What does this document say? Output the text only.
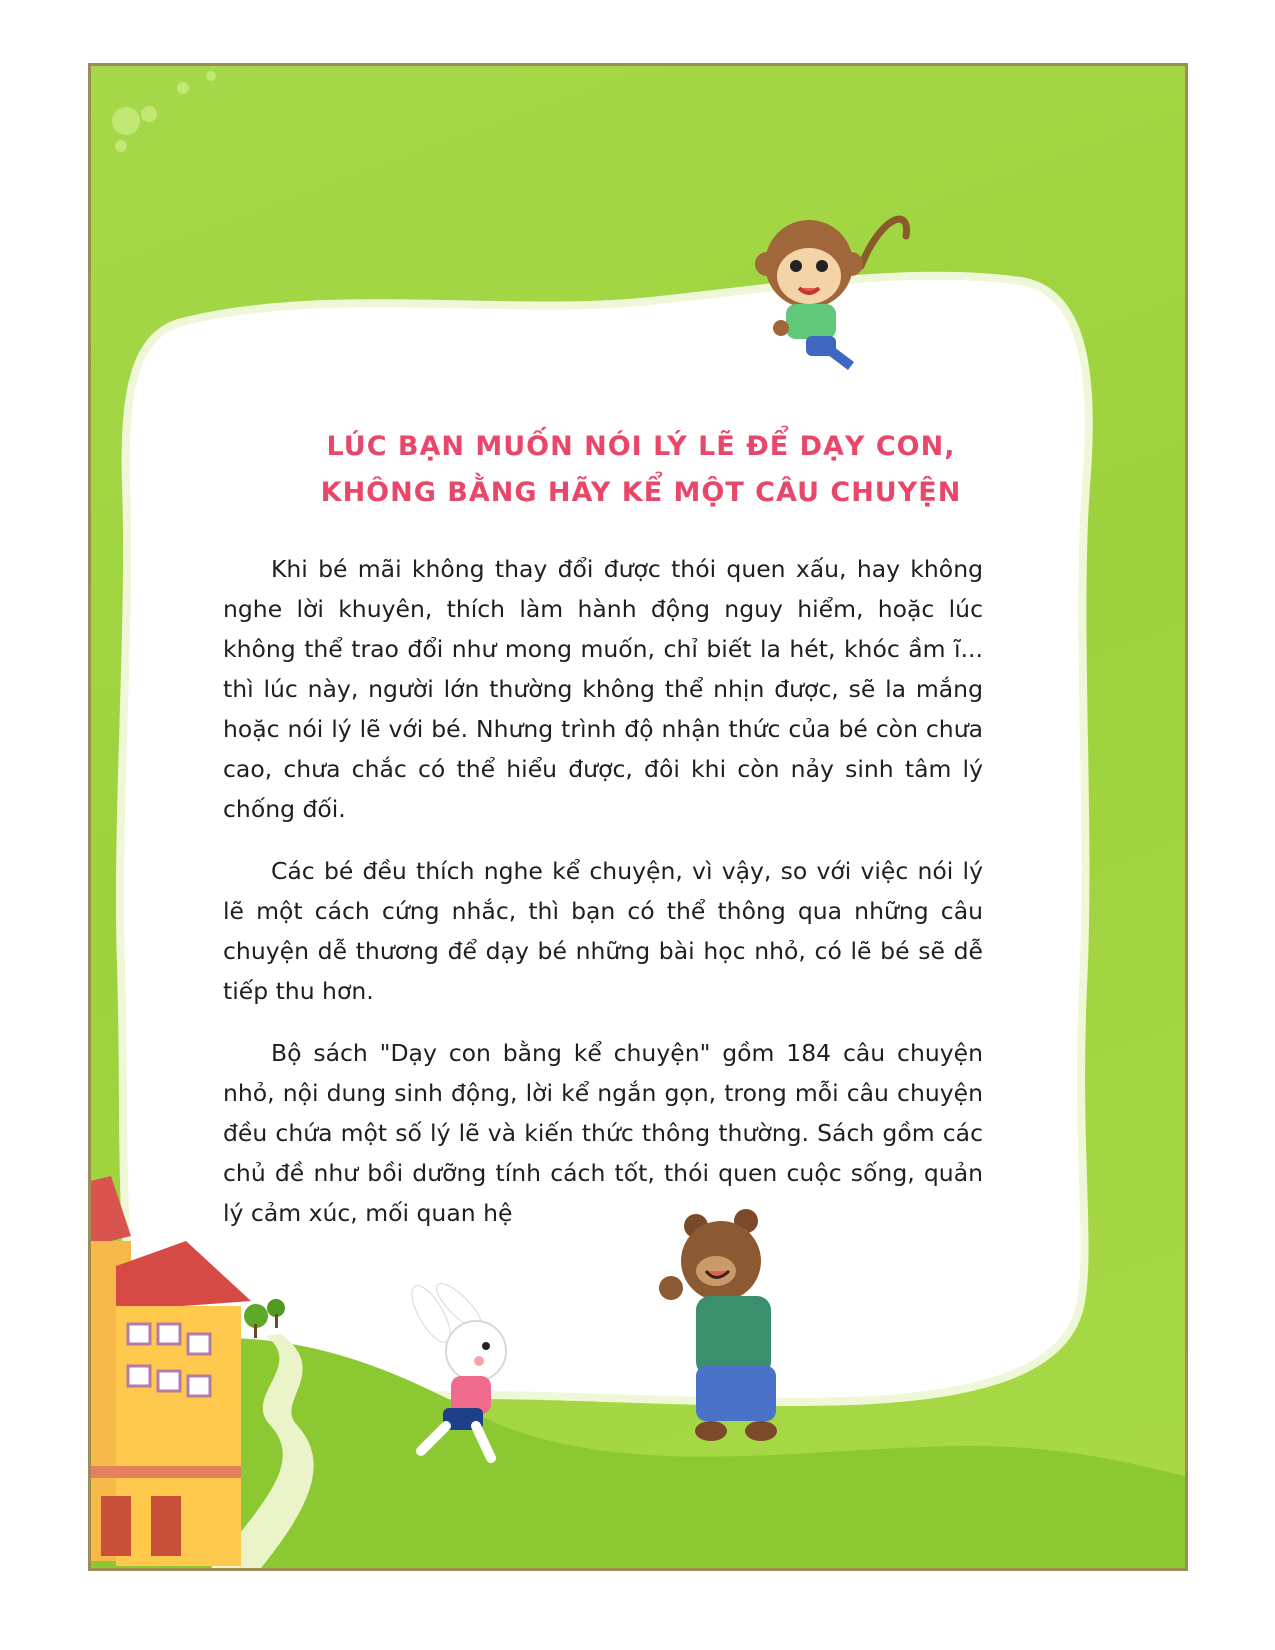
LÚC BẠN MUỐN NÓI LÝ LẼ ĐỂ DẠY CON,
KHÔNG BẰNG HÃY KỂ MỘT CÂU CHUYỆN

Khi bé mãi không thay đổi được thói quen xấu, hay không nghe lời khuyên, thích làm hành động nguy hiểm, hoặc lúc không thể trao đổi như mong muốn, chỉ biết la hét, khóc ầm ĩ... thì lúc này, người lớn thường không thể nhịn được, sẽ la mắng hoặc nói lý lẽ với bé. Nhưng trình độ nhận thức của bé còn chưa cao, chưa chắc có thể hiểu được, đôi khi còn nảy sinh tâm lý chống đối.

Các bé đều thích nghe kể chuyện, vì vậy, so với việc nói lý lẽ một cách cứng nhắc, thì bạn có thể thông qua những câu chuyện dễ thương để dạy bé những bài học nhỏ, có lẽ bé sẽ dễ tiếp thu hơn.

Bộ sách "Dạy con bằng kể chuyện" gồm 184 câu chuyện nhỏ, nội dung sinh động, lời kể ngắn gọn, trong mỗi câu chuyện đều chứa một số lý lẽ và kiến thức thông thường. Sách gồm các chủ đề như bồi dưỡng tính cách tốt, thói quen cuộc sống, quản lý cảm xúc, mối quan hệ
